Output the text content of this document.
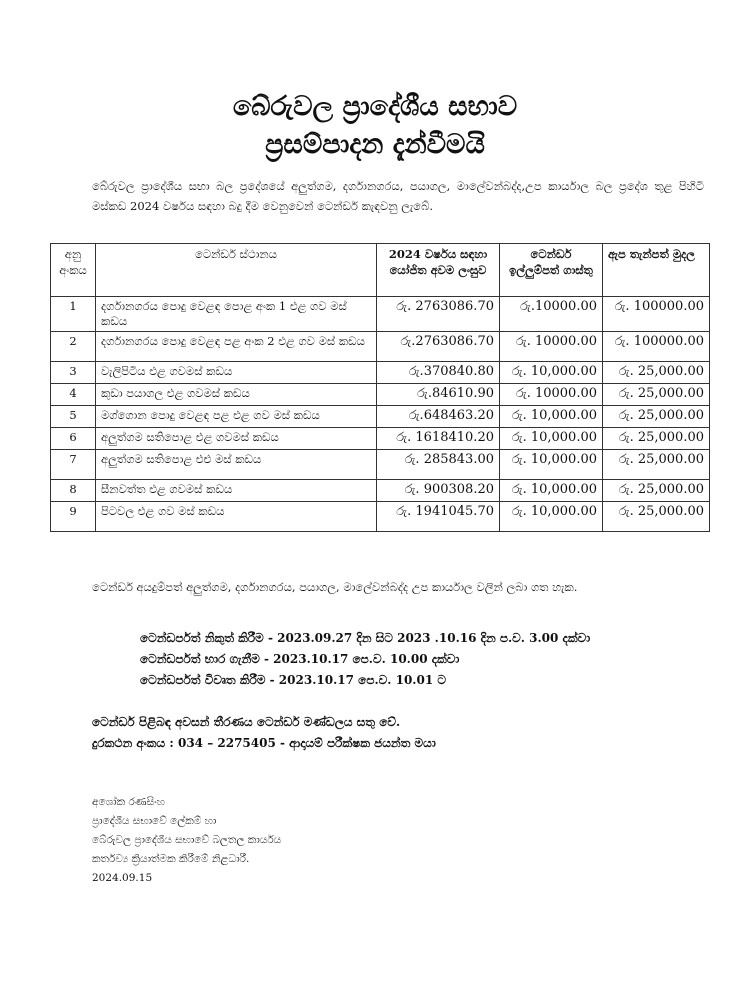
බේරුවල ප්‍රාදේශීය සභාව
ප්‍රසම්පාදන දැන්වීමයි
බේරුවල ප්‍රාදේශීය සභා බල ප්‍රදේශයේ අලුත්ගම, දර්ගානගරය, පයාගල, මාලේවන්බද්ද,උප කාර්යාල බල ප්‍රදේශ තුළ පිහිටි මස්කඩ 2024 වර්ෂය සඳහා බදු දීම වෙනුවෙන් ටෙන්ඩර් කැඳවනු ලැබේ.
අනු අංකය	ටෙන්ඩර් ස්ථානය	2024 වර්ෂය සඳහා යෝජිත අවම ලංසුව	ටෙන්ඩර් ඉල්ලුම්පත් ගාස්තු	ඇප තැන්පත් මුදල
1	දර්ගානගරය පොදු වෙළඳ පොළ අංක 1 එළ ගව මස් කඩය	රු. 2763086.70	රු.10000.00	රු. 100000.00
2	දර්ගානගරය පොදු වෙළඳ පළ අංක 2 එළ ගව මස් කඩය	රු.2763086.70	රු. 10000.00	රු. 100000.00
3	වැලිපිටිය එළ ගවමස් කඩය	රු.370840.80	රු. 10,000.00	රු. 25,000.00
4	කුඩා පයාගල එළ ගවමස් කඩය	රු.84610.90	රු. 10000.00	රු. 25,000.00
5	මග්ගොන පොදු වෙළඳ පළ එළ ගව මස් කඩය	රු.648463.20	රු. 10,000.00	රු. 25,000.00
6	අලුත්ගම සතිපොළ එළ ගවමස් කඩය	රු. 1618410.20	රු. 10,000.00	රු. 25,000.00
7	අලුත්ගම සතිපොළ එළු මස් කඩය	රු. 285843.00	රු. 10,000.00	රු. 25,000.00
8	සීනවත්ත එළ ගවමස් කඩය	රු. 900308.20	රු. 10,000.00	රු. 25,000.00
9	පිටවල එළ ගව මස් කඩය	රු. 1941045.70	රු. 10,000.00	රු. 25,000.00
ටෙන්ඩර් අයදුම්පත් අලුත්ගම, දර්ගානගරය, පයාගල, මාලේවන්බද්ද උප කාර්යාල වලින් ලබා ගත හැක.
ටෙන්ඩර්පත් නිකුත් කිරීම - 2023.09.27 දින සිට 2023 .10.16 දින ප.ව. 3.00 දක්වා
ටෙන්ඩර්පත් භාර ගැනීම - 2023.10.17 පෙ.ව. 10.00 දක්වා
ටෙන්ඩර්පත් විවෘත කිරීම - 2023.10.17 පෙ.ව. 10.01 ට
ටෙන්ඩර් පිළිබඳ අවසන් තීරණය ටෙන්ඩර් මණ්ඩලය සතු වේ.
දුරකථන අංකය : 034 – 2275405 - ආදායම් පරීක්ෂක ජයන්ත මයා
අශෝක රණසිංහ
ප්‍රාදේශීය සභාවේ ලේකම් හා
බේරුවල ප්‍රාදේශීය සභාවේ බලතල කාර්යය
කර්තව්‍ය ක්‍රියාත්මක කිරීමේ නිළධාරී.
2024.09.15
